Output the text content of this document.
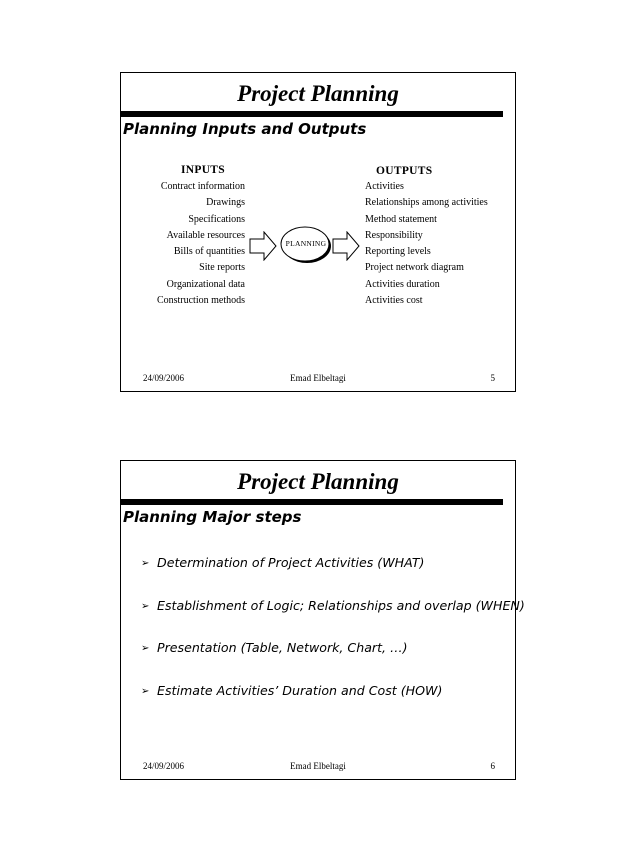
Project Planning
Planning Inputs and Outputs
INPUTS	OUTPUTS
Contract information
Drawings
Specifications
Available resources
Bills of quantities
Site reports
Organizational data
Construction methods
PLANNING
Activities
Relationships among activities
Method statement
Responsibility
Reporting levels
Project network diagram
Activities duration
Activities cost
24/09/2006	Emad Elbeltagi	5
Project Planning
Planning Major steps
➢ Determination of Project Activities (WHAT)
➢ Establishment of Logic; Relationships and overlap (WHEN)
➢ Presentation (Table, Network, Chart, …)
➢ Estimate Activities’ Duration and Cost (HOW)
24/09/2006	Emad Elbeltagi	6
